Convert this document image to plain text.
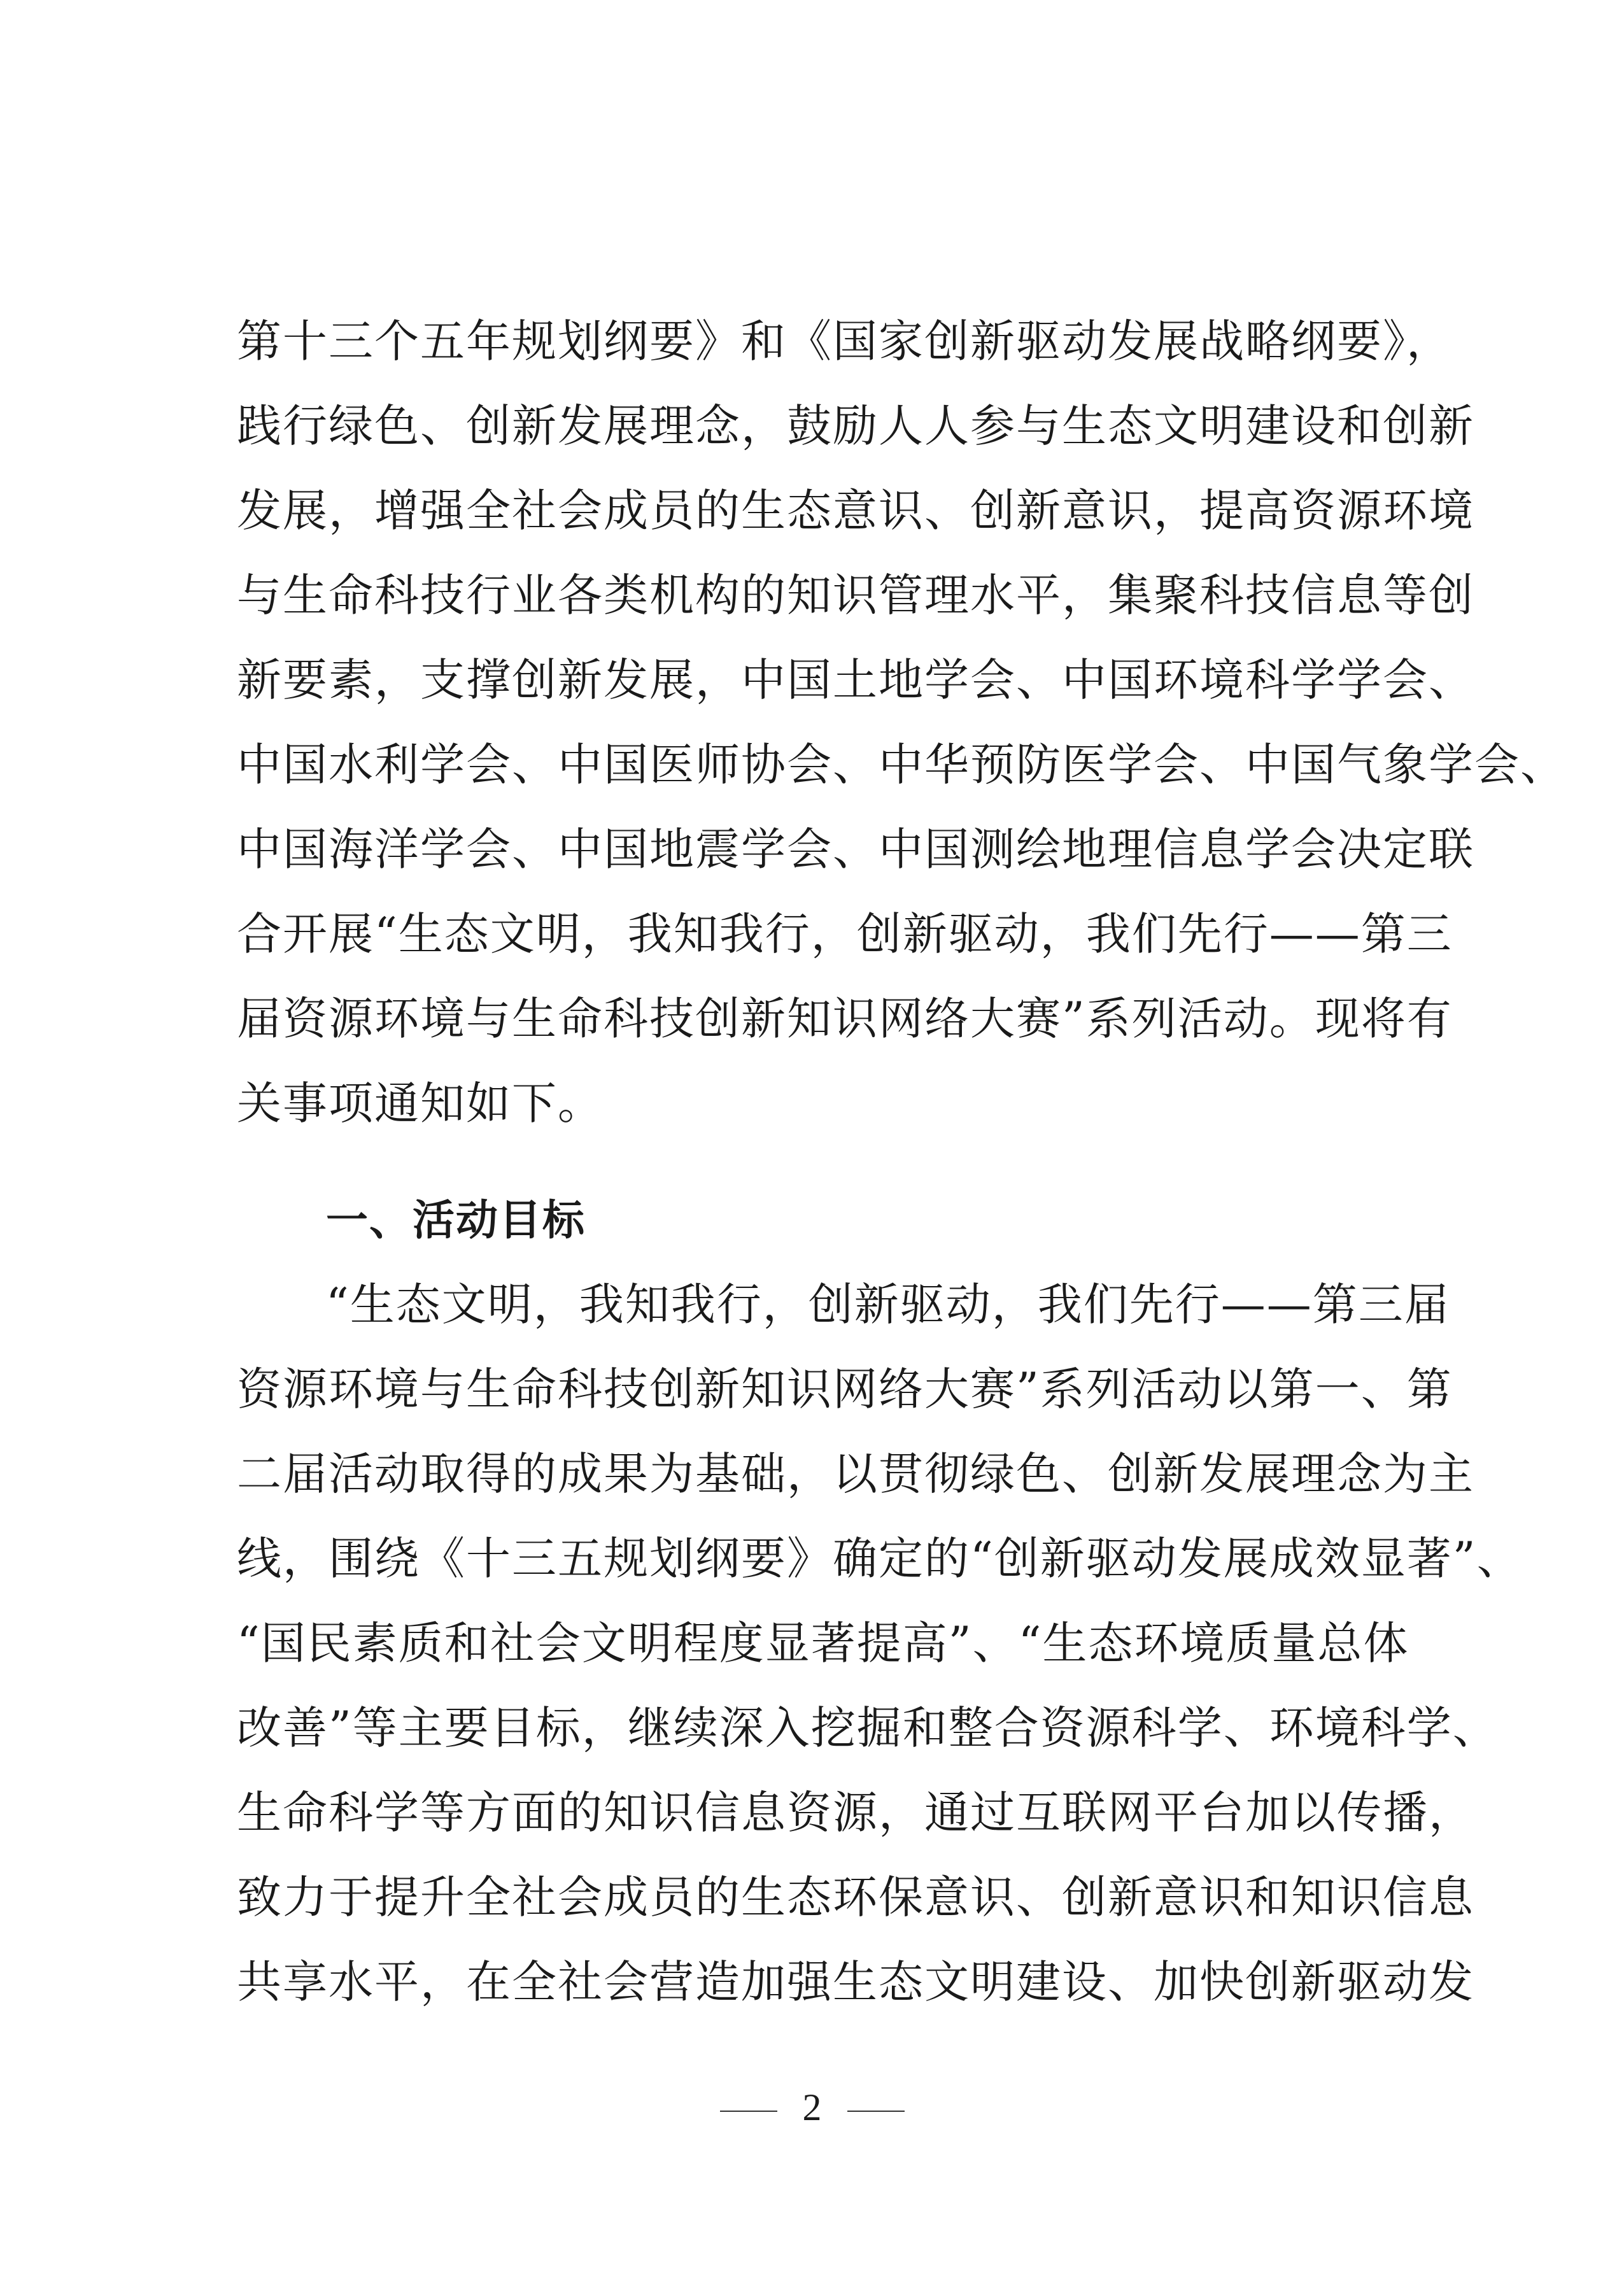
第十三个五年规划纲要》和《国家创新驱动发展战略纲要》，
践行绿色、创新发展理念，鼓励人人参与生态文明建设和创新
发展，增强全社会成员的生态意识、创新意识，提高资源环境
与生命科技行业各类机构的知识管理水平，集聚科技信息等创
新要素，支撑创新发展，中国土地学会、中国环境科学学会、
中国水利学会、中国医师协会、中华预防医学会、中国气象学会、
中国海洋学会、中国地震学会、中国测绘地理信息学会决定联
合开展“生态文明，我知我行，创新驱动，我们先行——第三
届资源环境与生命科技创新知识网络大赛”系列活动。现将有
关事项通知如下。
一、活动目标
“生态文明，我知我行，创新驱动，我们先行——第三届
资源环境与生命科技创新知识网络大赛”系列活动以第一、第
二届活动取得的成果为基础，以贯彻绿色、创新发展理念为主
线，围绕《十三五规划纲要》确定的“创新驱动发展成效显著”、
“国民素质和社会文明程度显著提高”、“生态环境质量总体
改善”等主要目标，继续深入挖掘和整合资源科学、环境科学、
生命科学等方面的知识信息资源，通过互联网平台加以传播，
致力于提升全社会成员的生态环保意识、创新意识和知识信息
共享水平，在全社会营造加强生态文明建设、加快创新驱动发
2
